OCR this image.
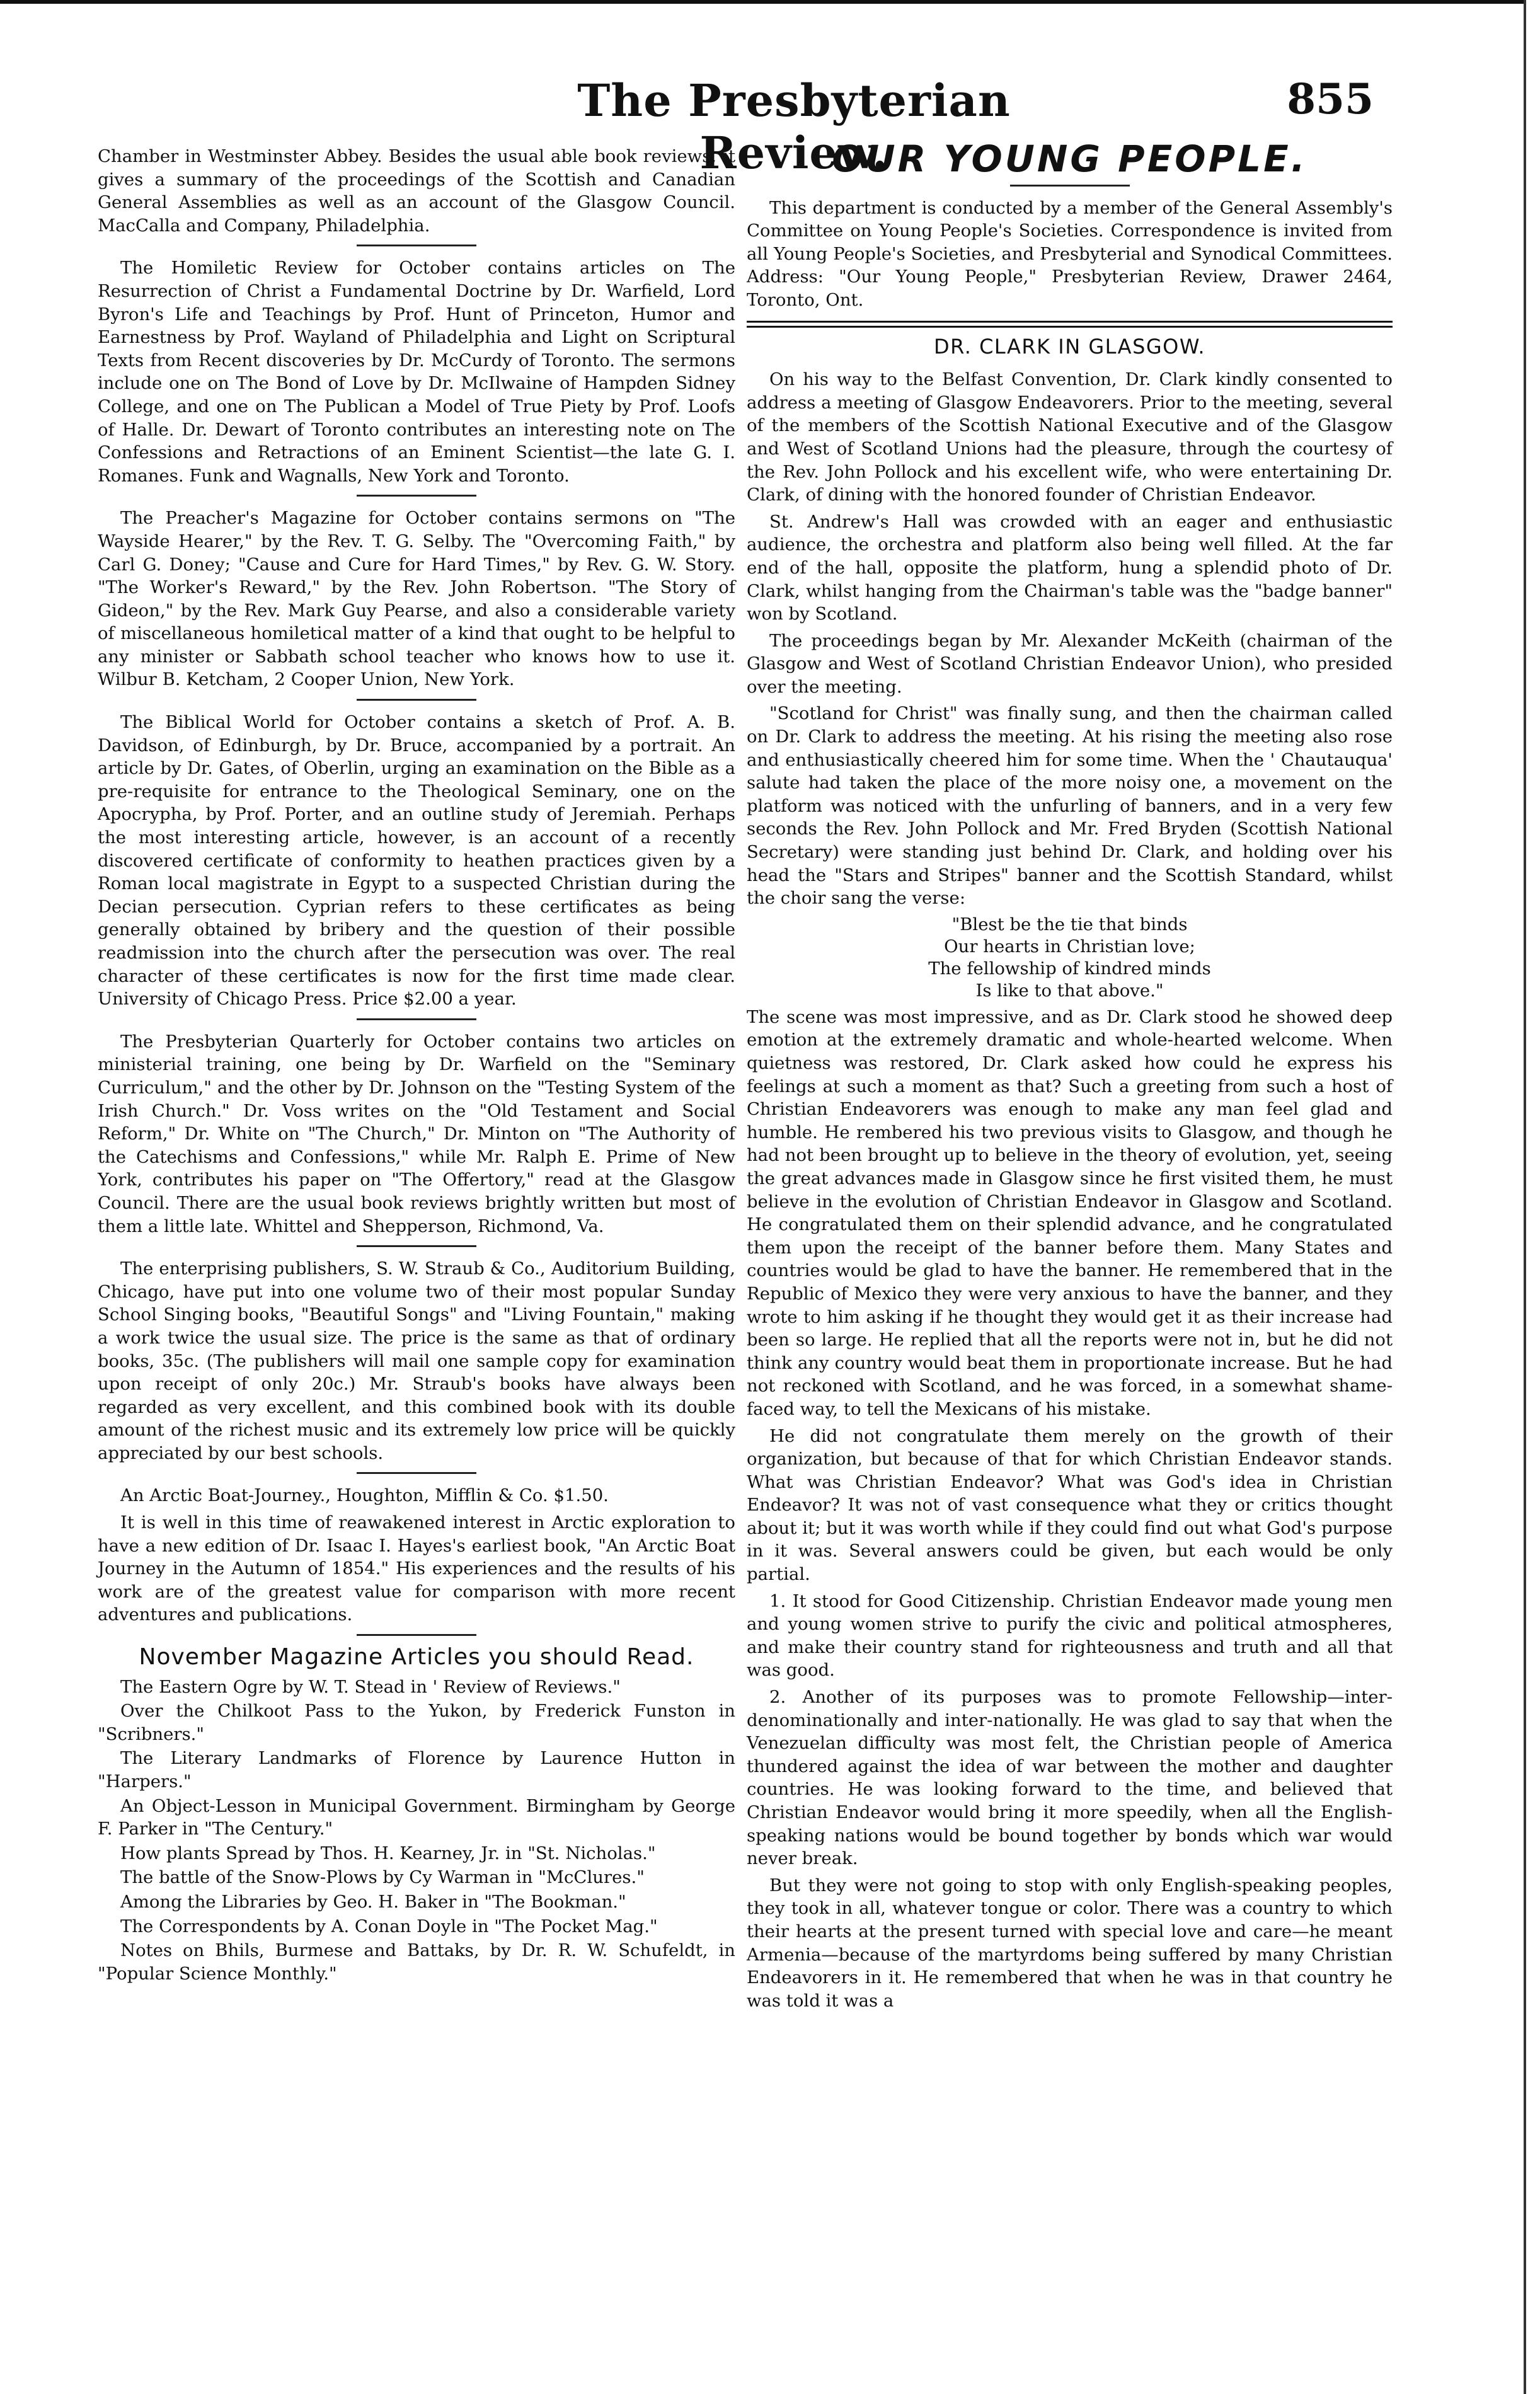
The Presbyterian Review.
855

Chamber in Westminster Abbey. Besides the usual able book reviews, it gives a summary of the proceedings of the Scottish and Canadian General Assemblies as well as an account of the Glasgow Council. MacCalla and Company, Philadelphia.

The Homiletic Review for October contains articles on The Resurrection of Christ a Fundamental Doctrine by Dr. Warfield, Lord Byron's Life and Teachings by Prof. Hunt of Princeton, Humor and Earnestness by Prof. Wayland of Philadelphia and Light on Scriptural Texts from Recent discoveries by Dr. McCurdy of Toronto. The sermons include one on The Bond of Love by Dr. McIlwaine of Hampden Sidney College, and one on The Publican a Model of True Piety by Prof. Loofs of Halle. Dr. Dewart of Toronto contributes an interesting note on The Confessions and Retractions of an Eminent Scientist—the late G. I. Romanes. Funk and Wagnalls, New York and Toronto.

The Preacher's Magazine for October contains sermons on "The Wayside Hearer," by the Rev. T. G. Selby. The "Overcoming Faith," by Carl G. Doney; "Cause and Cure for Hard Times," by Rev. G. W. Story. "The Worker's Reward," by the Rev. John Robertson. "The Story of Gideon," by the Rev. Mark Guy Pearse, and also a considerable variety of miscellaneous homiletical matter of a kind that ought to be helpful to any minister or Sabbath school teacher who knows how to use it. Wilbur B. Ketcham, 2 Cooper Union, New York.

The Biblical World for October contains a sketch of Prof. A. B. Davidson, of Edinburgh, by Dr. Bruce, accompanied by a portrait. An article by Dr. Gates, of Oberlin, urging an examination on the Bible as a pre-requisite for entrance to the Theological Seminary, one on the Apocrypha, by Prof. Porter, and an outline study of Jeremiah. Perhaps the most interesting article, however, is an account of a recently discovered certificate of conformity to heathen practices given by a Roman local magistrate in Egypt to a suspected Christian during the Decian persecution. Cyprian refers to these certificates as being generally obtained by bribery and the question of their possible readmission into the church after the persecution was over. The real character of these certificates is now for the first time made clear. University of Chicago Press. Price $2.00 a year.

The Presbyterian Quarterly for October contains two articles on ministerial training, one being by Dr. Warfield on the "Seminary Curriculum," and the other by Dr. Johnson on the "Testing System of the Irish Church." Dr. Voss writes on the "Old Testament and Social Reform," Dr. White on "The Church," Dr. Minton on "The Authority of the Catechisms and Confessions," while Mr. Ralph E. Prime of New York, contributes his paper on "The Offertory," read at the Glasgow Council. There are the usual book reviews brightly written but most of them a little late. Whittel and Shepperson, Richmond, Va.

The enterprising publishers, S. W. Straub & Co., Auditorium Building, Chicago, have put into one volume two of their most popular Sunday School Singing books, "Beautiful Songs" and "Living Fountain," making a work twice the usual size. The price is the same as that of ordinary books, 35c. (The publishers will mail one sample copy for examination upon receipt of only 20c.) Mr. Straub's books have always been regarded as very excellent, and this combined book with its double amount of the richest music and its extremely low price will be quickly appreciated by our best schools.

An Arctic Boat-Journey., Houghton, Mifflin & Co. $1.50.

It is well in this time of reawakened interest in Arctic exploration to have a new edition of Dr. Isaac I. Hayes's earliest book, "An Arctic Boat Journey in the Autumn of 1854." His experiences and the results of his work are of the greatest value for comparison with more recent adventures and publications.

November Magazine Articles you should Read.

The Eastern Ogre by W. T. Stead in ' Review of Reviews."

Over the Chilkoot Pass to the Yukon, by Frederick Funston in "Scribners."

The Literary Landmarks of Florence by Laurence Hutton in "Harpers."

An Object-Lesson in Municipal Government. Birmingham by George F. Parker in "The Century."

How plants Spread by Thos. H. Kearney, Jr. in "St. Nicholas."

The battle of the Snow-Plows by Cy Warman in "McClures."

Among the Libraries by Geo. H. Baker in "The Bookman."

The Correspondents by A. Conan Doyle in "The Pocket Mag."

Notes on Bhils, Burmese and Battaks, by Dr. R. W. Schufeldt, in "Popular Science Monthly."

OUR YOUNG PEOPLE.

This department is conducted by a member of the General Assembly's Committee on Young People's Societies. Correspondence is invited from all Young People's Societies, and Presbyterial and Synodical Committees. Address: "Our Young People," Presbyterian Review, Drawer 2464, Toronto, Ont.

DR. CLARK IN GLASGOW.

On his way to the Belfast Convention, Dr. Clark kindly consented to address a meeting of Glasgow Endeavorers. Prior to the meeting, several of the members of the Scottish National Executive and of the Glasgow and West of Scotland Unions had the pleasure, through the courtesy of the Rev. John Pollock and his excellent wife, who were entertaining Dr. Clark, of dining with the honored founder of Christian Endeavor.

St. Andrew's Hall was crowded with an eager and enthusiastic audience, the orchestra and platform also being well filled. At the far end of the hall, opposite the platform, hung a splendid photo of Dr. Clark, whilst hanging from the Chairman's table was the "badge banner" won by Scotland.

The proceedings began by Mr. Alexander McKeith (chairman of the Glasgow and West of Scotland Christian Endeavor Union), who presided over the meeting.

"Scotland for Christ" was finally sung, and then the chairman called on Dr. Clark to address the meeting. At his rising the meeting also rose and enthusiastically cheered him for some time. When the ' Chautauqua' salute had taken the place of the more noisy one, a movement on the platform was noticed with the unfurling of banners, and in a very few seconds the Rev. John Pollock and Mr. Fred Bryden (Scottish National Secretary) were standing just behind Dr. Clark, and holding over his head the "Stars and Stripes" banner and the Scottish Standard, whilst the choir sang the verse:

"Blest be the tie that binds
Our hearts in Christian love;
The fellowship of kindred minds
Is like to that above."

The scene was most impressive, and as Dr. Clark stood he showed deep emotion at the extremely dramatic and whole-hearted welcome. When quietness was restored, Dr. Clark asked how could he express his feelings at such a moment as that? Such a greeting from such a host of Christian Endeavorers was enough to make any man feel glad and humble. He rembered his two previous visits to Glasgow, and though he had not been brought up to believe in the theory of evolution, yet, seeing the great advances made in Glasgow since he first visited them, he must believe in the evolution of Christian Endeavor in Glasgow and Scotland. He congratulated them on their splendid advance, and he congratulated them upon the receipt of the banner before them. Many States and countries would be glad to have the banner. He remembered that in the Republic of Mexico they were very anxious to have the banner, and they wrote to him asking if he thought they would get it as their increase had been so large. He replied that all the reports were not in, but he did not think any country would beat them in proportionate increase. But he had not reckoned with Scotland, and he was forced, in a somewhat shame-faced way, to tell the Mexicans of his mistake.

He did not congratulate them merely on the growth of their organization, but because of that for which Christian Endeavor stands. What was Christian Endeavor? What was God's idea in Christian Endeavor? It was not of vast consequence what they or critics thought about it; but it was worth while if they could find out what God's purpose in it was. Several answers could be given, but each would be only partial.

1. It stood for Good Citizenship. Christian Endeavor made young men and young women strive to purify the civic and political atmospheres, and make their country stand for righteousness and truth and all that was good.

2. Another of its purposes was to promote Fellowship—inter-denominationally and inter-nationally. He was glad to say that when the Venezuelan difficulty was most felt, the Christian people of America thundered against the idea of war between the mother and daughter countries. He was looking forward to the time, and believed that Christian Endeavor would bring it more speedily, when all the English-speaking nations would be bound together by bonds which war would never break.

But they were not going to stop with only English-speaking peoples, they took in all, whatever tongue or color. There was a country to which their hearts at the present turned with special love and care—he meant Armenia—because of the martyrdoms being suffered by many Christian Endeavorers in it. He remembered that when he was in that country he was told it was a
